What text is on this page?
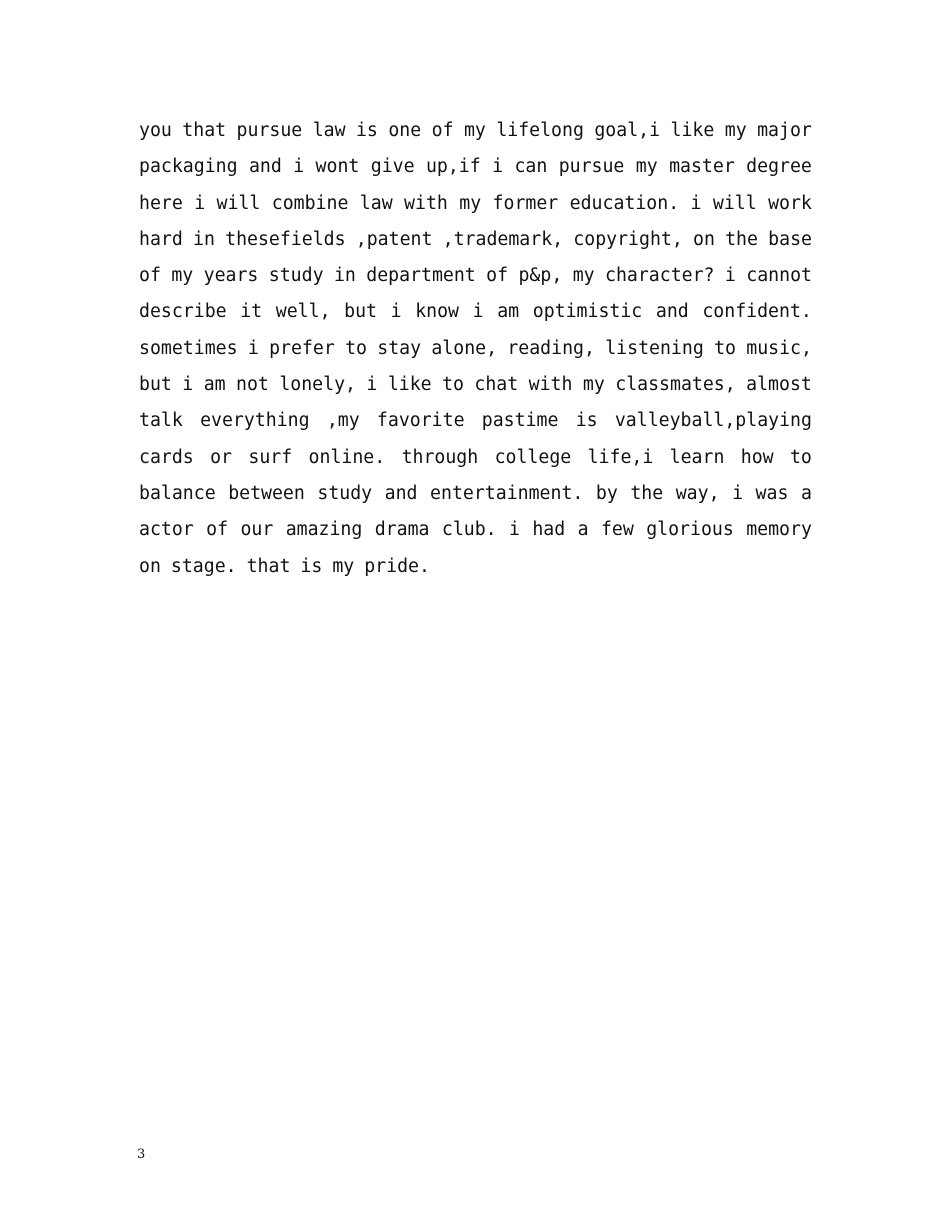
you that pursue law is one of my lifelong goal,i like my major
packaging and i wont give up,if i can pursue my master degree
here i will combine law with my former education. i will work
hard in thesefields ,patent ,trademark, copyright, on the base
of my years study in department of p&p, my character? i cannot
describe it well, but i know i am optimistic and confident.
sometimes i prefer to stay alone, reading, listening to music,
but i am not lonely, i like to chat with my classmates, almost
talk everything ,my favorite pastime is valleyball,playing
cards or surf online. through college life,i learn how to
balance between study and entertainment. by the way, i was a
actor of our amazing drama club. i had a few glorious memory
on stage. that is my pride.
3
